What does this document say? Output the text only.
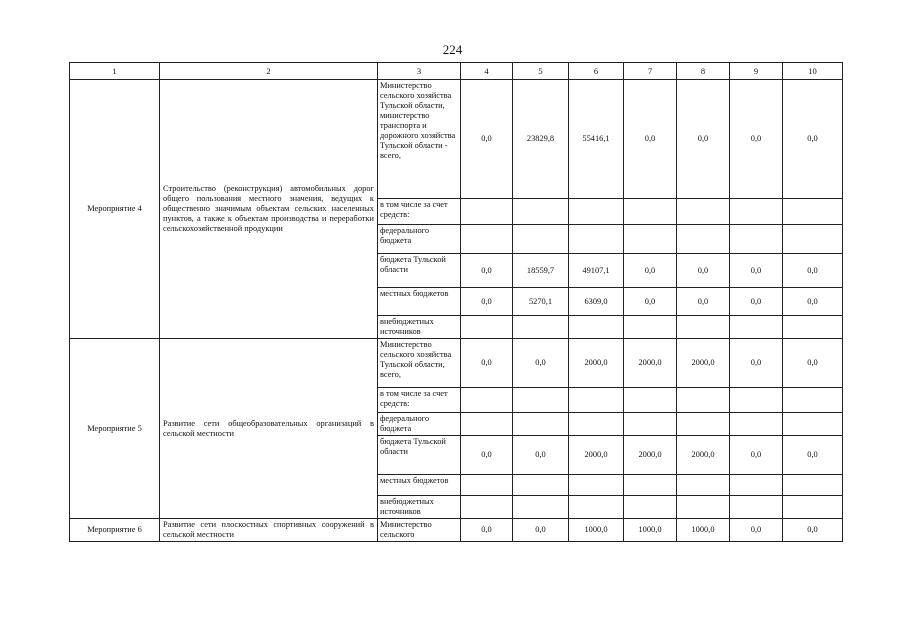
224
1	2	3	4	5	6	7	8	9	10
Мероприятие 4	Строительство (реконструкция) автомобильных дорог общего пользования местного значения, ведущих к общественно значимым объектам сельских населенных пунктов, а также к объектам производства и переработки сельскохозяйственной продукции	Министерство сельского хозяйства Тульской области, министерство транспорта и дорожного хозяйства Тульской области - всего,	0,0	23829,8	55416,1	0,0	0,0	0,0	0,0
		в том числе за счет средств:							
		федерального бюджета							
		бюджета Тульской области	0,0	18559,7	49107,1	0,0	0,0	0,0	0,0
		местных бюджетов	0,0	5270,1	6309,0	0,0	0,0	0,0	0,0
		внебюджетных источников							
Мероприятие 5	Развитие сети общеобразовательных организаций в сельской местности	Министерство сельского хозяйства Тульской области, всего,	0,0	0,0	2000,0	2000,0	2000,0	0,0	0,0
		в том числе за счет средств:							
		федерального бюджета							
		бюджета Тульской области	0,0	0,0	2000,0	2000,0	2000,0	0,0	0,0
		местных бюджетов							
		внебюджетных источников							
Мероприятие 6	Развитие сети плоскостных спортивных сооружений в сельской местности	Министерство сельского	0,0	0,0	1000,0	1000,0	1000,0	0,0	0,0
